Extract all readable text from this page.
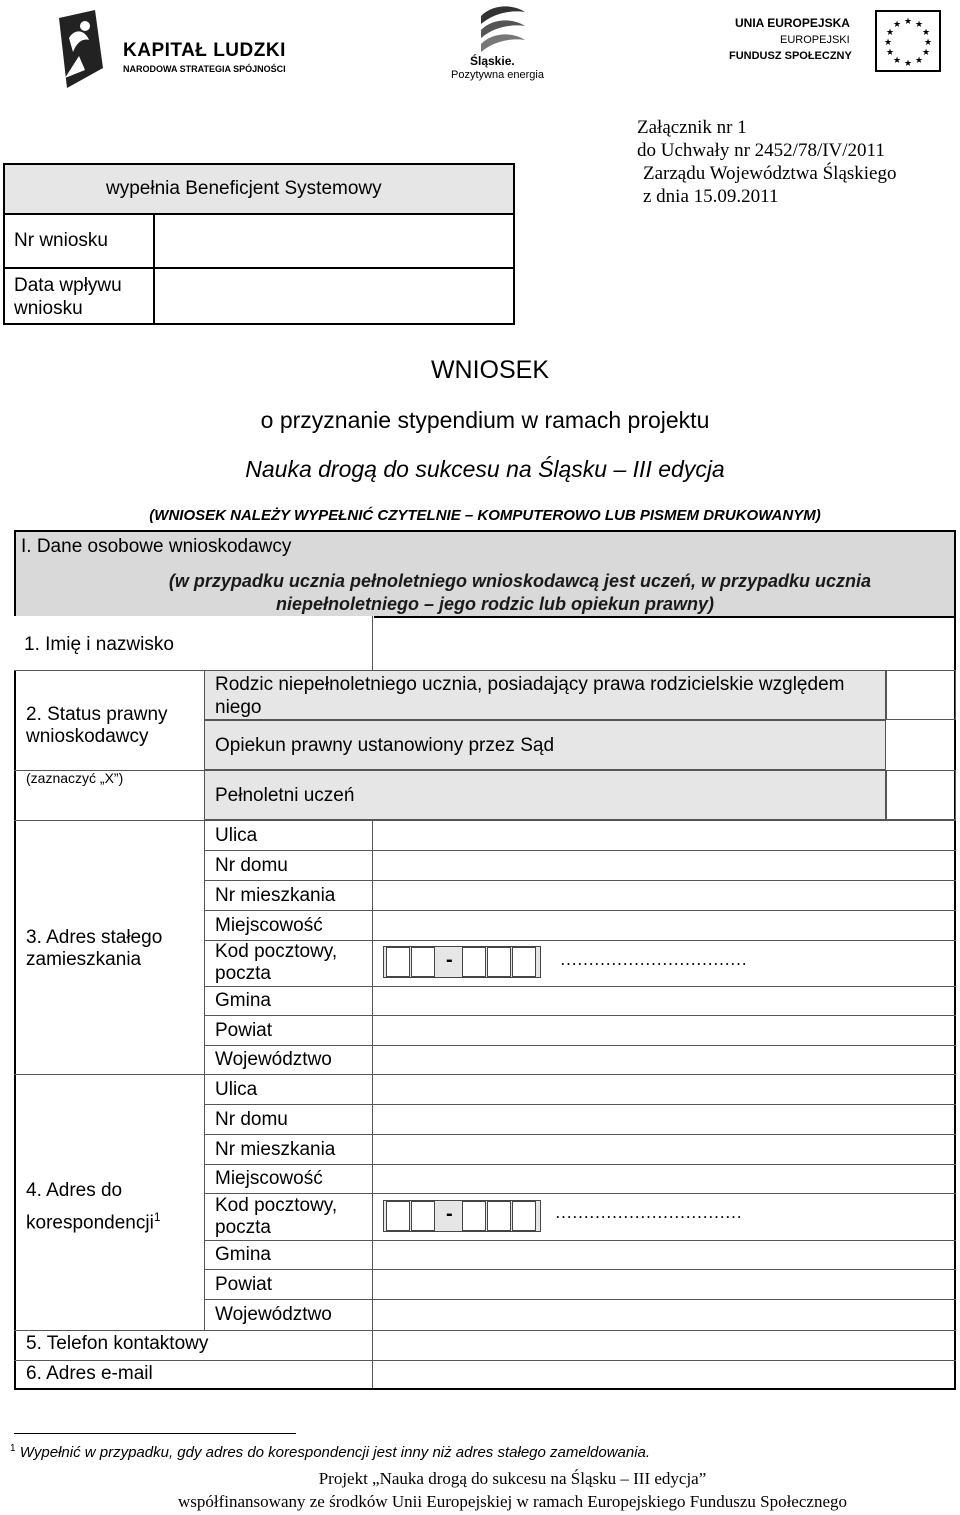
KAPITAŁ LUDZKI
NARODOWA STRATEGIA SPÓJNOŚCI
Śląskie.
Pozytywna energia
UNIA EUROPEJSKA
EUROPEJSKI
FUNDUSZ SPOŁECZNY
★ ★
★
★
★
★
★
★
★
★
★
★
Załącznik nr 1
do Uchwały nr 2452/78/IV/2011
Zarządu Województwa Śląskiego
z dnia 15.09.2011
wypełnia Beneficjent Systemowy
Nr wniosku
Data wpływu
wniosku
WNIOSEK
o przyznanie stypendium w ramach projektu
Nauka drogą do sukcesu na Śląsku – III edycja
(WNIOSEK NALEŻY WYPEŁNIĆ CZYTELNIE – KOMPUTEROWO LUB PISMEM DRUKOWANYM)
I. Dane osobowe wnioskodawcy
(w przypadku ucznia pełnoletniego wnioskodawcą jest uczeń, w przypadku ucznia
niepełnoletniego – jego rodzic lub opiekun prawny)
1. Imię i nazwisko
2. Status prawny
wnioskodawcy
(zaznaczyć „X”)
Rodzic niepełnoletniego ucznia, posiadający prawa rodzicielskie względem
niego
Opiekun prawny ustanowiony przez Sąd
Pełnoletni uczeń
3. Adres stałego
zamieszkania
4. Adres do
korespondencji$^1$
5. Telefon kontaktowy
6. Adres e-mail
Ulica
Nr domu
Nr mieszkania
Miejscowość
Kod pocztowy,
poczta
Gmina
Powiat
Województwo
-	……………………………
Ulica
Nr domu
Nr mieszkania
Miejscowość
Kod pocztowy,
poczta
Gmina
Powiat
Województwo
-	……………………………
$^1$ Wypełnić w przypadku, gdy adres do korespondencji jest inny niż adres stałego zameldowania.
Projekt „Nauka drogą do sukcesu na Śląsku – III edycja”
współfinansowany ze środków Unii Europejskiej w ramach Europejskiego Funduszu Społecznego
